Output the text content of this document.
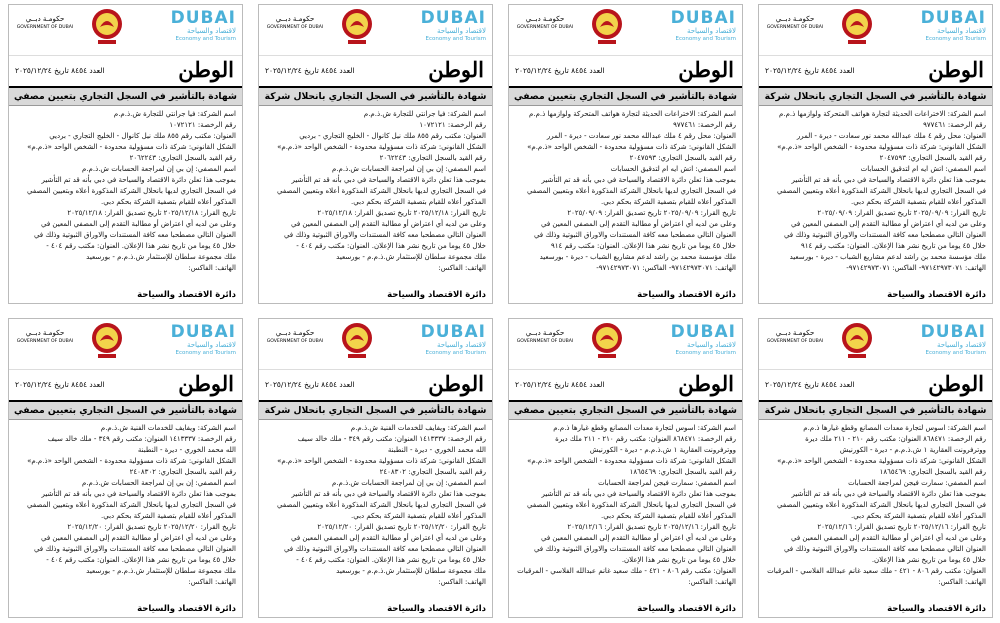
DUBAI
لاقتصاد والسياحة
Economy and Tourism
حكومـة دبــي
GOVERNMENT OF DUBAI
الوطن
العدد ٨٤٥٤ تاريخ ٢٠٢٥/١٢/٢٤
شهادة بالتأشير في السجل التجاري بانحلال شركة

اسم الشركة: الاختراعات الحديثة لتجارة هواتف المتحركة ولوازمها ذ.م.م

رقم الرخصة: ٩٧٧٤٦١

العنوان: محل رقم ٤ ملك عبدالله محمد نور سعادت - ديرة - المرر

الشكل القانوني: شركة ذات مسؤولية محدودة - الشخص الواحد «ذ.م.م»

رقم القيد بالسجل التجاري: ٢٠٤٧٥٩٣

اسم المصفي: اتش ايه ام لتدقيق الحسابات

بموجب هذا تعلن دائرة الاقتصاد والسياحة في دبي بأنه قد تم التأشير

في السجل التجاري لديها بانحلال الشركة المذكورة أعلاه وبتعيين المصفي

المذكور أعلاه للقيام بتصفية الشركة بحكم دبي.

تاريخ القرار: ٢٠٢٥/٠٩/٠٩ تاريخ تصديق القرار: ٢٠٢٥/٠٩/٠٩

وعلى من لديه أي اعتراض أو مطالبة التقدم إلى المصفي المعين في

العنوان التالي مصطحبا معه كافة المستندات والاوراق الثبوتية وذلك في

خلال ٤٥ يوما من تاريخ نشر هذا الإعلان. العنوان: مكتب رقم ٩١٤

ملك مؤسسة محمد بن راشد لدعم مشاريع الشباب - ديرة - بورسعيد

الهاتف: ٩٧١٤٢٩٧٣٠٧١- الفاكس: ٩٧١٤٢٩٧٣٠٧١-

دائرة الاقتصاد والسياحة
DUBAI
لاقتصاد والسياحة
Economy and Tourism
حكومـة دبــي
GOVERNMENT OF DUBAI
الوطن
العدد ٨٤٥٤ تاريخ ٢٠٢٥/١٢/٢٤
شهادة بالتأشير في السجل التجاري بتعيين مصفي

اسم الشركة: الاختراعات الحديثة لتجارة هواتف المتحركة ولوازمها ذ.م.م

رقم الرخصة: ٩٧٧٤٦١

العنوان: محل رقم ٤ ملك عبدالله محمد نور سعادت - ديرة - المرر

الشكل القانوني: شركة ذات مسؤولية محدودة - الشخص الواحد «ذ.م.م»

رقم القيد بالسجل التجاري: ٢٠٤٧٥٩٣

اسم المصفي: اتش ايه ام لتدقيق الحسابات

بموجب هذا تعلن دائرة الاقتصاد والسياحة في دبي بأنه قد تم التأشير

في السجل التجاري لديها بانحلال الشركة المذكورة أعلاه وبتعيين المصفي

المذكور أعلاه للقيام بتصفية الشركة بحكم دبي.

تاريخ القرار: ٢٠٢٥/٠٩/٠٩ تاريخ تصديق القرار: ٢٠٢٥/٠٩/٠٩

وعلى من لديه أي اعتراض أو مطالبة التقدم إلى المصفي المعين في

العنوان التالي مصطحبا معه كافة المستندات والاوراق الثبوتية وذلك في

خلال ٤٥ يوما من تاريخ نشر هذا الإعلان. العنوان: مكتب رقم ٩١٤

ملك مؤسسة محمد بن راشد لدعم مشاريع الشباب - ديرة - بورسعيد

الهاتف: ٩٧١٤٢٩٧٣٠٧١- الفاكس: ٩٧١٤٢٩٧٣٠٧١-

دائرة الاقتصاد والسياحة
DUBAI
لاقتصاد والسياحة
Economy and Tourism
حكومـة دبــي
GOVERNMENT OF DUBAI
الوطن
العدد ٨٤٥٤ تاريخ ٢٠٢٥/١٢/٢٤
شهادة بالتأشير في السجل التجاري بانحلال شركة

اسم الشركة: فيا جرانتي للتجارة ش.ذ.م.م

رقم الرخصة: ١٠٧٢١٢١

العنوان: مكتب رقم ٨٥٥ ملك نيل كانوال - الخليج التجاري - برديي

الشكل القانوني: شركة ذات مسؤولية محدودة - الشخص الواحد «ذ.م.م»

رقم القيد بالسجل التجاري: ٢٠٦٢٢٤٣

اسم المصفي: إن بي إن لمراجعة الحسابات ش.ذ.م.م

بموجب هذا تعلن دائرة الاقتصاد والسياحة في دبي بأنه قد تم التأشير

في السجل التجاري لديها بانحلال الشركة المذكورة أعلاه وبتعيين المصفي

المذكور أعلاه للقيام بتصفية الشركة بحكم دبي.

تاريخ القرار: ٢٠٢٥/١٢/١٨ تاريخ تصديق القرار: ٢٠٢٥/١٢/١٨

وعلى من لديه أي اعتراض أو مطالبة التقدم إلى المصفي المعين في

العنوان التالي مصطحبا معه كافة المستندات والاوراق الثبوتية وذلك في

خلال ٤٥ يوما من تاريخ نشر هذا الإعلان. العنوان: مكتب رقم ٤٠٤ -

ملك مجموعة سلطان للإستثمار ش.ذ.م.م - بورسعيد

الهاتف: الفاكس:

دائرة الاقتصاد والسياحة
DUBAI
لاقتصاد والسياحة
Economy and Tourism
حكومـة دبــي
GOVERNMENT OF DUBAI
الوطن
العدد ٨٤٥٤ تاريخ ٢٠٢٥/١٢/٢٤
شهادة بالتأشير في السجل التجاري بتعيين مصفي

اسم الشركة: فيا جرانتي للتجارة ش.ذ.م.م

رقم الرخصة: ١٠٧٢١٢١

العنوان: مكتب رقم ٨٥٥ ملك نيل كانوال - الخليج التجاري - برديي

الشكل القانوني: شركة ذات مسؤولية محدودة - الشخص الواحد «ذ.م.م»

رقم القيد بالسجل التجاري: ٢٠٦٢٢٤٣

اسم المصفي: إن بي إن لمراجعة الحسابات ش.ذ.م.م

بموجب هذا تعلن دائرة الاقتصاد والسياحة في دبي بأنه قد تم التأشير

في السجل التجاري لديها بانحلال الشركة المذكورة أعلاه وبتعيين المصفي

المذكور أعلاه للقيام بتصفية الشركة بحكم دبي.

تاريخ القرار: ٢٠٢٥/١٢/١٨ تاريخ تصديق القرار: ٢٠٢٥/١٢/١٨

وعلى من لديه أي اعتراض أو مطالبة التقدم إلى المصفي المعين في

العنوان التالي مصطحبا معه كافة المستندات والاوراق الثبوتية وذلك في

خلال ٤٥ يوما من تاريخ نشر هذا الإعلان. العنوان: مكتب رقم ٤٠٤ -

ملك مجموعة سلطان للإستثمار ش.ذ.م.م - بورسعيد

الهاتف: الفاكس:

دائرة الاقتصاد والسياحة
DUBAI
لاقتصاد والسياحة
Economy and Tourism
حكومـة دبــي
GOVERNMENT OF DUBAI
الوطن
العدد ٨٤٥٤ تاريخ ٢٠٢٥/١٢/٢٤
شهادة بالتأشير في السجل التجاري بانحلال شركة

اسم الشركة: اسوس لتجارة معدات المصانع وقطع غيارها ذ.م.م

رقم الرخصة: ٨٦٨٤٧١ العنوان: مكتب رقم ٢١٠ - ٢١١ ملك ديرة

ووترفرونت العقارية ١ ش.ذ.م.م - ديرة - الكورنيش

الشكل القانوني: شركة ذات مسؤولية محدودة - الشخص الواحد «ذ.م.م»

رقم القيد بالسجل التجاري: ١٨٦٥٤٦٩

اسم المصفي: سمارت فيجن لمراجعة الحسابات

بموجب هذا تعلن دائرة الاقتصاد والسياحة في دبي بأنه قد تم التأشير

في السجل التجاري لديها بانحلال الشركة المذكورة أعلاه وبتعيين المصفي

المذكور أعلاه للقيام بتصفية الشركة بحكم دبي.

تاريخ القرار: ٢٠٢٥/١٢/١٦ تاريخ تصديق القرار: ٢٠٢٥/١٢/١٦

وعلى من لديه أي اعتراض أو مطالبة التقدم إلى المصفي المعين في

العنوان التالي مصطحبا معه كافة المستندات والاوراق الثبوتية وذلك في

خلال ٤٥ يوما من تاريخ نشر هذا الإعلان.

العنوان: مكتب رقم ٨٠٦ - ٤٢١ - ملك سعيد غانم عبدالله الفلاسي - المرقبات

الهاتف: الفاكس:

دائرة الاقتصاد والسياحة
DUBAI
لاقتصاد والسياحة
Economy and Tourism
حكومـة دبــي
GOVERNMENT OF DUBAI
الوطن
العدد ٨٤٥٤ تاريخ ٢٠٢٥/١٢/٢٤
شهادة بالتأشير في السجل التجاري بتعيين مصفي

اسم الشركة: اسوس لتجارة معدات المصانع وقطع غيارها ذ.م.م

رقم الرخصة: ٨٦٨٤٧١ العنوان: مكتب رقم ٢١٠ - ٢١١ ملك ديرة

ووترفرونت العقارية ١ ش.ذ.م.م - ديرة - الكورنيش

الشكل القانوني: شركة ذات مسؤولية محدودة - الشخص الواحد «ذ.م.م»

رقم القيد بالسجل التجاري: ١٨٦٥٤٦٩

اسم المصفي: سمارت فيجن لمراجعة الحسابات

بموجب هذا تعلن دائرة الاقتصاد والسياحة في دبي بأنه قد تم التأشير

في السجل التجاري لديها بانحلال الشركة المذكورة أعلاه وبتعيين المصفي

المذكور أعلاه للقيام بتصفية الشركة بحكم دبي.

تاريخ القرار: ٢٠٢٥/١٢/١٦ تاريخ تصديق القرار: ٢٠٢٥/١٢/١٦

وعلى من لديه أي اعتراض أو مطالبة التقدم إلى المصفي المعين في

العنوان التالي مصطحبا معه كافة المستندات والاوراق الثبوتية وذلك في

خلال ٤٥ يوما من تاريخ نشر هذا الإعلان.

العنوان: مكتب رقم ٨٠٦ - ٤٢١ - ملك سعيد غانم عبدالله الفلاسي - المرقبات

الهاتف: الفاكس:

دائرة الاقتصاد والسياحة
DUBAI
لاقتصاد والسياحة
Economy and Tourism
حكومـة دبــي
GOVERNMENT OF DUBAI
الوطن
العدد ٨٤٥٤ تاريخ ٢٠٢٥/١٢/٢٤
شهادة بالتأشير في السجل التجاري بانحلال شركة

اسم الشركة: ويفايف للخدمات الفنية ش.ذ.م.م

رقم الرخصة: ١٤١٣٣٣٧ العنوان: مكتب رقم ٣٤٩ - ملك خالد سيف

الله محمد الخوري - ديرة - النطبنة

الشكل القانوني: شركة ذات مسؤولية محدودة - الشخص الواحد «ذ.م.م»

رقم القيد بالسجل التجاري: ٢٤٠٨٣٠٢

اسم المصفي: إن بي إن لمراجعة الحسابات ش.ذ.م.م

بموجب هذا تعلن دائرة الاقتصاد والسياحة في دبي بأنه قد تم التأشير

في السجل التجاري لديها بانحلال الشركة المذكورة أعلاه وبتعيين المصفي

المذكور أعلاه للقيام بتصفية الشركة بحكم دبي.

تاريخ القرار: ٢٠٢٥/١٢/٢٠ تاريخ تصديق القرار: ٢٠٢٥/١٢/٢٠

وعلى من لديه أي اعتراض أو مطالبة التقدم إلى المصفي المعين في

العنوان التالي مصطحبا معه كافة المستندات والاوراق الثبوتية وذلك في

خلال ٤٥ يوما من تاريخ نشر هذا الإعلان. العنوان: مكتب رقم ٤٠٤ -

ملك مجموعة سلطان للإستثمار ش.ذ.م.م - بورسعيد

الهاتف: الفاكس:

دائرة الاقتصاد والسياحة
DUBAI
لاقتصاد والسياحة
Economy and Tourism
حكومـة دبــي
GOVERNMENT OF DUBAI
الوطن
العدد ٨٤٥٤ تاريخ ٢٠٢٥/١٢/٢٤
شهادة بالتأشير في السجل التجاري بتعيين مصفي

اسم الشركة: ويفايف للخدمات الفنية ش.ذ.م.م

رقم الرخصة: ١٤١٣٣٣٧ العنوان: مكتب رقم ٣٤٩ - ملك خالد سيف

الله محمد الخوري - ديرة - النطبنة

الشكل القانوني: شركة ذات مسؤولية محدودة - الشخص الواحد «ذ.م.م»

رقم القيد بالسجل التجاري: ٢٤٠٨٣٠٢

اسم المصفي: إن بي إن لمراجعة الحسابات ش.ذ.م.م

بموجب هذا تعلن دائرة الاقتصاد والسياحة في دبي بأنه قد تم التأشير

في السجل التجاري لديها بانحلال الشركة المذكورة أعلاه وبتعيين المصفي

المذكور أعلاه للقيام بتصفية الشركة بحكم دبي.

تاريخ القرار: ٢٠٢٥/١٢/٢٠ تاريخ تصديق القرار: ٢٠٢٥/١٢/٢٠

وعلى من لديه أي اعتراض أو مطالبة التقدم إلى المصفي المعين في

العنوان التالي مصطحبا معه كافة المستندات والاوراق الثبوتية وذلك في

خلال ٤٥ يوما من تاريخ نشر هذا الإعلان. العنوان: مكتب رقم ٤٠٤ -

ملك مجموعة سلطان للإستثمار ش.ذ.م.م - بورسعيد

الهاتف: الفاكس:

دائرة الاقتصاد والسياحة
